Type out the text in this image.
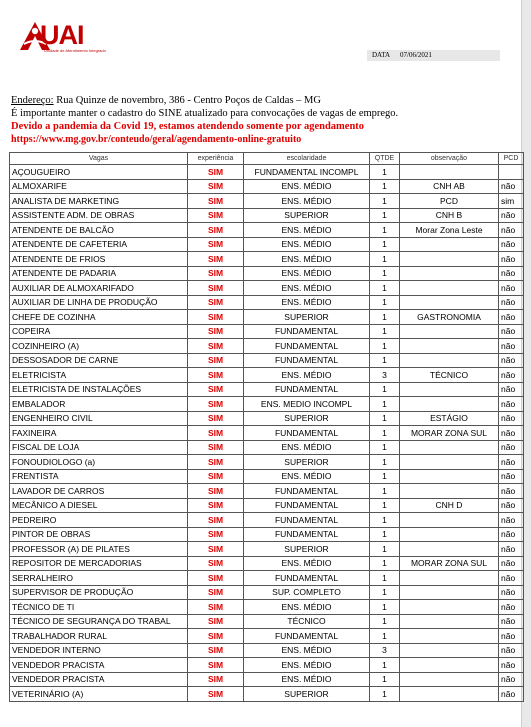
UAI
Unidade de Atendimento Integrado
DATA 07/06/2021
Endereço: Rua Quinze de novembro, 386 - Centro Poços de Caldas – MG
É importante manter o cadastro do SINE atualizado para convocações de vagas de emprego.
Devido a pandemia da Covid 19, estamos atendendo somente por agendamento
https://www.mg.gov.br/conteudo/geral/agendamento-online-gratuito
Vagas	experiência	escolaridade	QTDE	observação	PCD
AÇOUGUEIRO	SIM	FUNDAMENTAL INCOMPL	1		
ALMOXARIFE	SIM	ENS. MÉDIO	1	CNH AB	não
ANALISTA DE MARKETING	SIM	ENS. MÉDIO	1	PCD	sim
ASSISTENTE ADM. DE OBRAS	SIM	SUPERIOR	1	CNH B	não
ATENDENTE DE BALCÃO	SIM	ENS. MÉDIO	1	Morar Zona Leste	não
ATENDENTE DE CAFETERIA	SIM	ENS. MÉDIO	1		não
ATENDENTE DE FRIOS	SIM	ENS. MÉDIO	1		não
ATENDENTE DE PADARIA	SIM	ENS. MÉDIO	1		não
AUXILIAR DE ALMOXARIFADO	SIM	ENS. MÉDIO	1		não
AUXILIAR DE LINHA DE PRODUÇÃO	SIM	ENS. MÉDIO	1		não
CHEFE DE COZINHA	SIM	SUPERIOR	1	GASTRONOMIA	não
COPEIRA	SIM	FUNDAMENTAL	1		não
COZINHEIRO (A)	SIM	FUNDAMENTAL	1		não
DESSOSADOR DE CARNE	SIM	FUNDAMENTAL	1		não
ELETRICISTA	SIM	ENS. MÉDIO	3	TÉCNICO	não
ELETRICISTA DE INSTALAÇÕES	SIM	FUNDAMENTAL	1		não
EMBALADOR	SIM	ENS. MEDIO INCOMPL	1		não
ENGENHEIRO CIVIL	SIM	SUPERIOR	1	ESTÁGIO	não
FAXINEIRA	SIM	FUNDAMENTAL	1	MORAR ZONA SUL	não
FISCAL DE LOJA	SIM	ENS. MÉDIO	1		não
FONOUDIOLOGO (a)	SIM	SUPERIOR	1		não
FRENTISTA	SIM	ENS. MÉDIO	1		não
LAVADOR DE CARROS	SIM	FUNDAMENTAL	1		não
MECÂNICO A DIESEL	SIM	FUNDAMENTAL	1	CNH D	não
PEDREIRO	SIM	FUNDAMENTAL	1		não
PINTOR DE OBRAS	SIM	FUNDAMENTAL	1		não
PROFESSOR (A) DE PILATES	SIM	SUPERIOR	1		não
REPOSITOR DE MERCADORIAS	SIM	ENS. MÉDIO	1	MORAR ZONA SUL	não
SERRALHEIRO	SIM	FUNDAMENTAL	1		não
SUPERVISOR DE PRODUÇÃO	SIM	SUP. COMPLETO	1		não
TÉCNICO DE TI	SIM	ENS. MÉDIO	1		não
TÉCNICO DE SEGURANÇA DO TRABAL	SIM	TÉCNICO	1		não
TRABALHADOR RURAL	SIM	FUNDAMENTAL	1		não
VENDEDOR INTERNO	SIM	ENS. MÉDIO	3		não
VENDEDOR PRACISTA	SIM	ENS. MÉDIO	1		não
VENDEDOR PRACISTA	SIM	ENS. MÉDIO	1		não
VETERINÁRIO (A)	SIM	SUPERIOR	1		não
